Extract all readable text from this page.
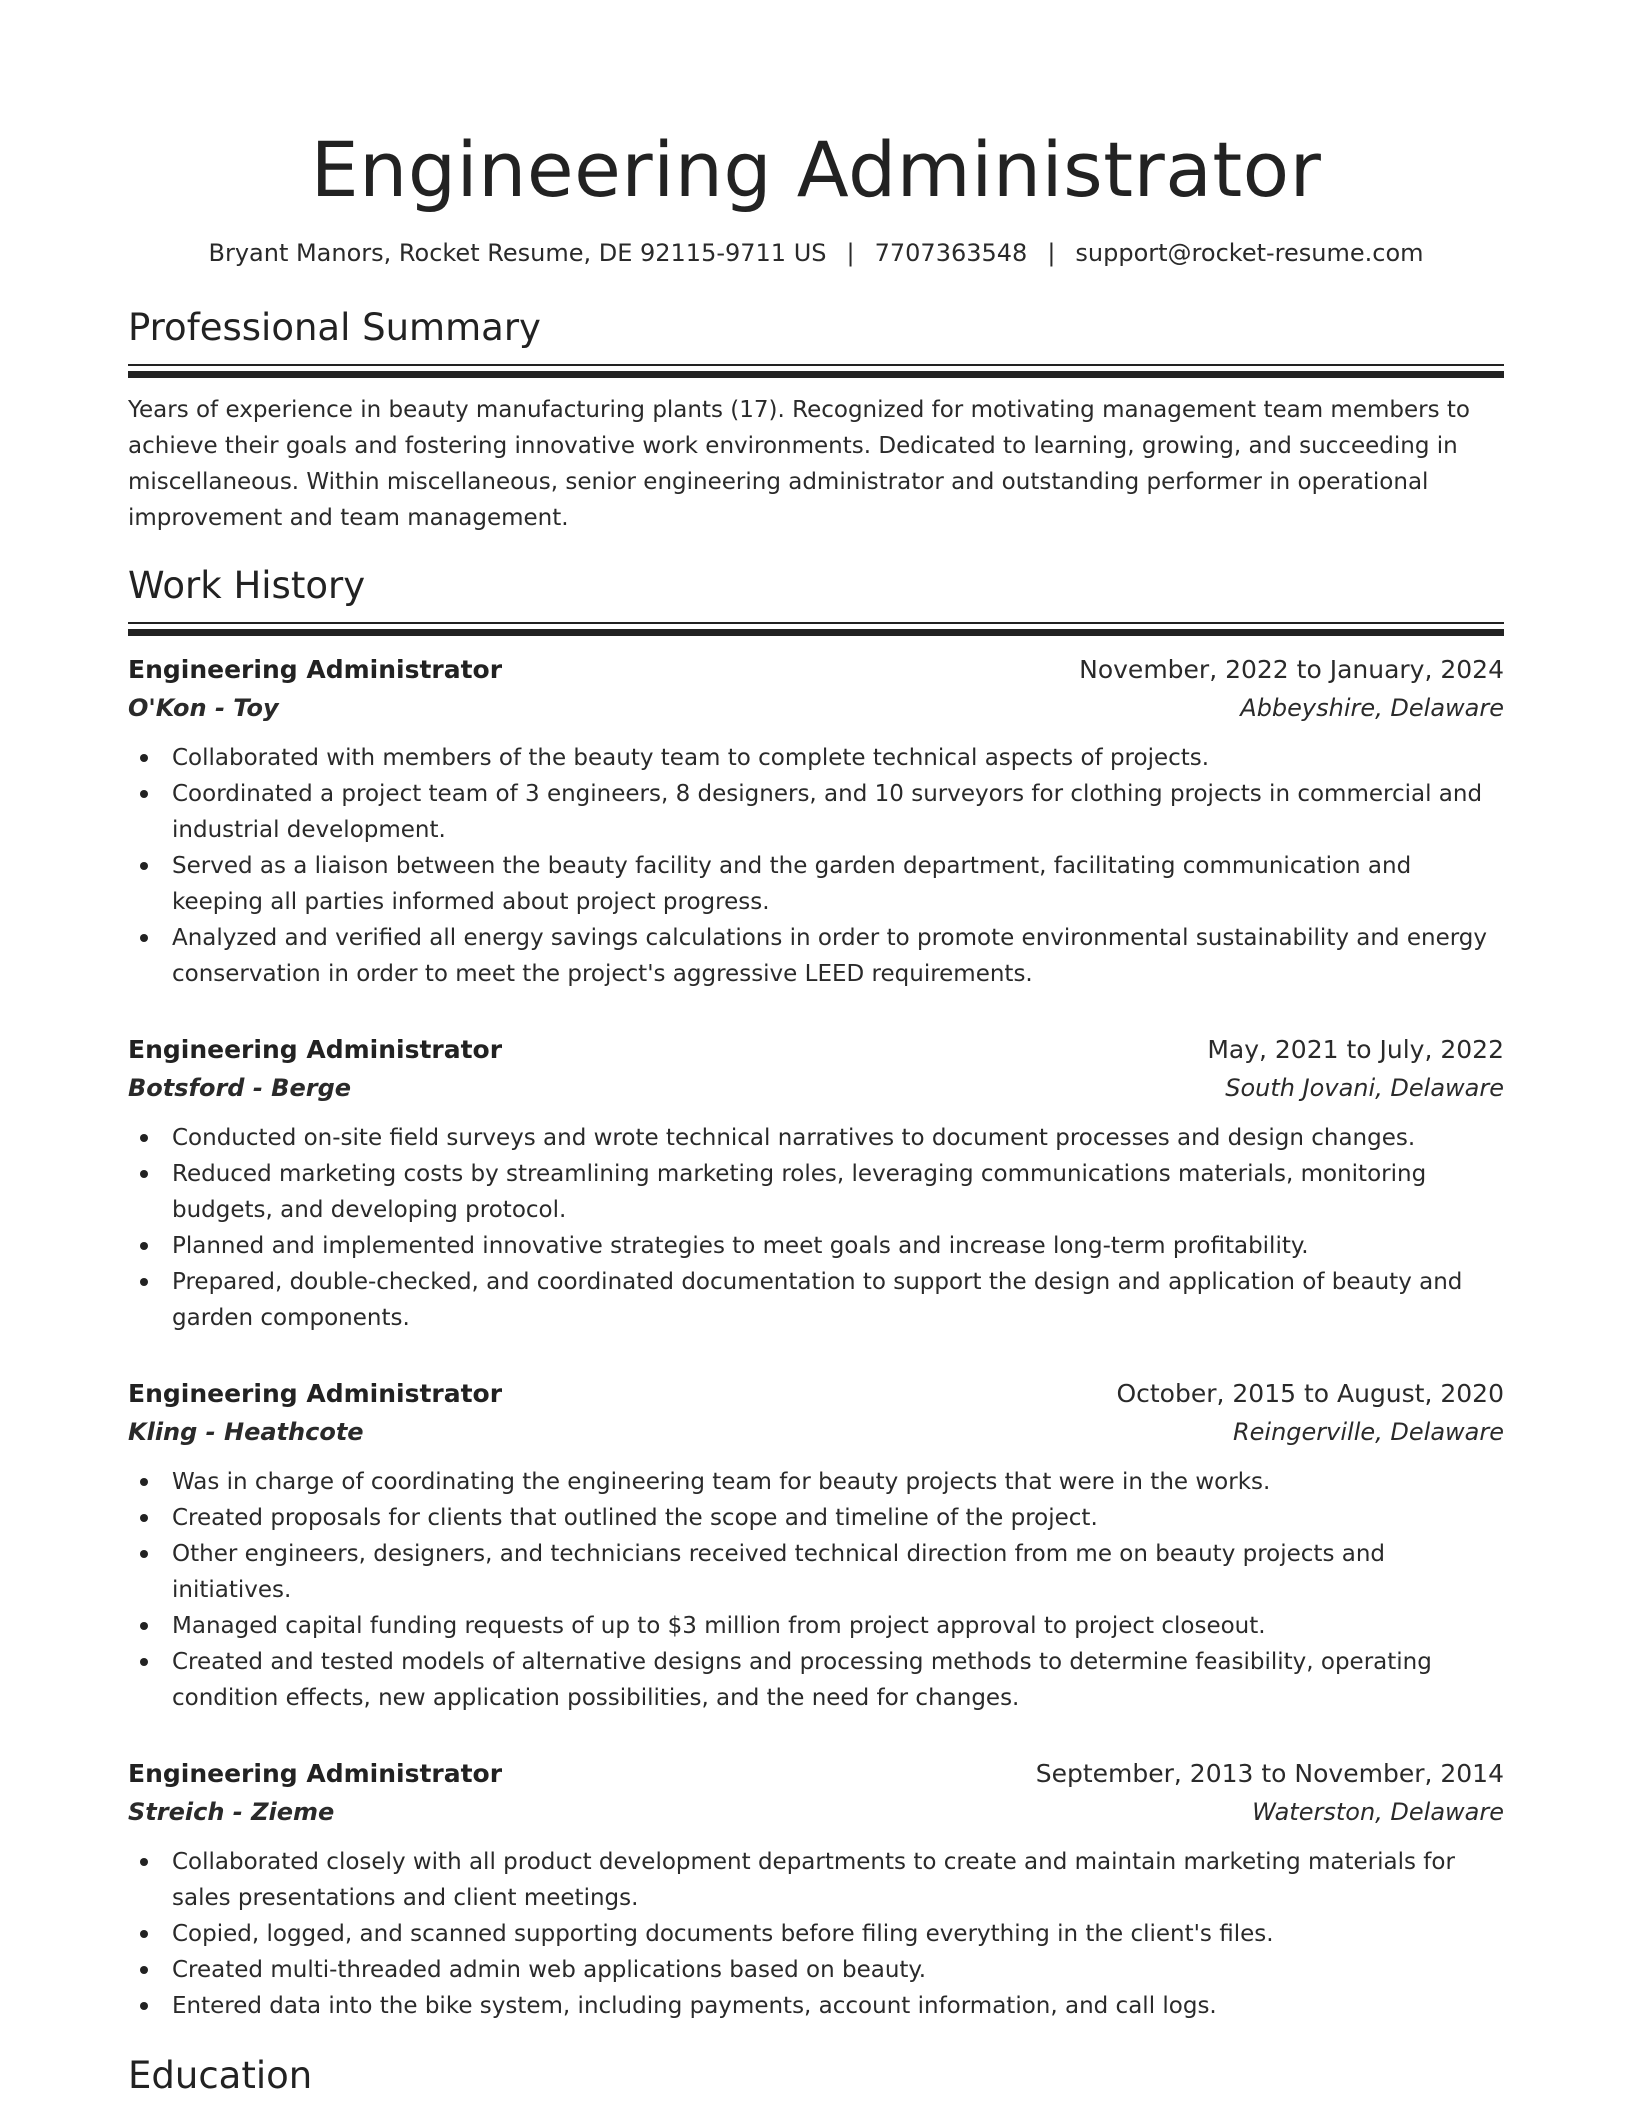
Engineering Administrator
Bryant Manors, Rocket Resume, DE 92115-9711 US | 7707363548 | support@rocket-resume.com
Professional Summary

Years of experience in beauty manufacturing plants (17). Recognized for motivating management team members to achieve their goals and fostering innovative work environments. Dedicated to learning, growing, and succeeding in miscellaneous. Within miscellaneous, senior engineering administrator and outstanding performer in operational improvement and team management.

Work History
Engineering Administrator	November, 2022 to January, 2024
O'Kon - Toy	Abbeyshire, Delaware
Collaborated with members of the beauty team to complete technical aspects of projects.
Coordinated a project team of 3 engineers, 8 designers, and 10 surveyors for clothing projects in commercial and industrial development.
Served as a liaison between the beauty facility and the garden department, facilitating communication and keeping all parties informed about project progress.
Analyzed and verified all energy savings calculations in order to promote environmental sustainability and energy conservation in order to meet the project's aggressive LEED requirements.
Engineering Administrator	May, 2021 to July, 2022
Botsford - Berge	South Jovani, Delaware
Conducted on-site field surveys and wrote technical narratives to document processes and design changes.
Reduced marketing costs by streamlining marketing roles, leveraging communications materials, monitoring budgets, and developing protocol.
Planned and implemented innovative strategies to meet goals and increase long-term profitability.
Prepared, double-checked, and coordinated documentation to support the design and application of beauty and garden components.
Engineering Administrator	October, 2015 to August, 2020
Kling - Heathcote	Reingerville, Delaware
Was in charge of coordinating the engineering team for beauty projects that were in the works.
Created proposals for clients that outlined the scope and timeline of the project.
Other engineers, designers, and technicians received technical direction from me on beauty projects and initiatives.
Managed capital funding requests of up to $3 million from project approval to project closeout.
Created and tested models of alternative designs and processing methods to determine feasibility, operating condition effects, new application possibilities, and the need for changes.
Engineering Administrator	September, 2013 to November, 2014
Streich - Zieme	Waterston, Delaware
Collaborated closely with all product development departments to create and maintain marketing materials for sales presentations and client meetings.
Copied, logged, and scanned supporting documents before filing everything in the client's files.
Created multi-threaded admin web applications based on beauty.
Entered data into the bike system, including payments, account information, and call logs.
Education
